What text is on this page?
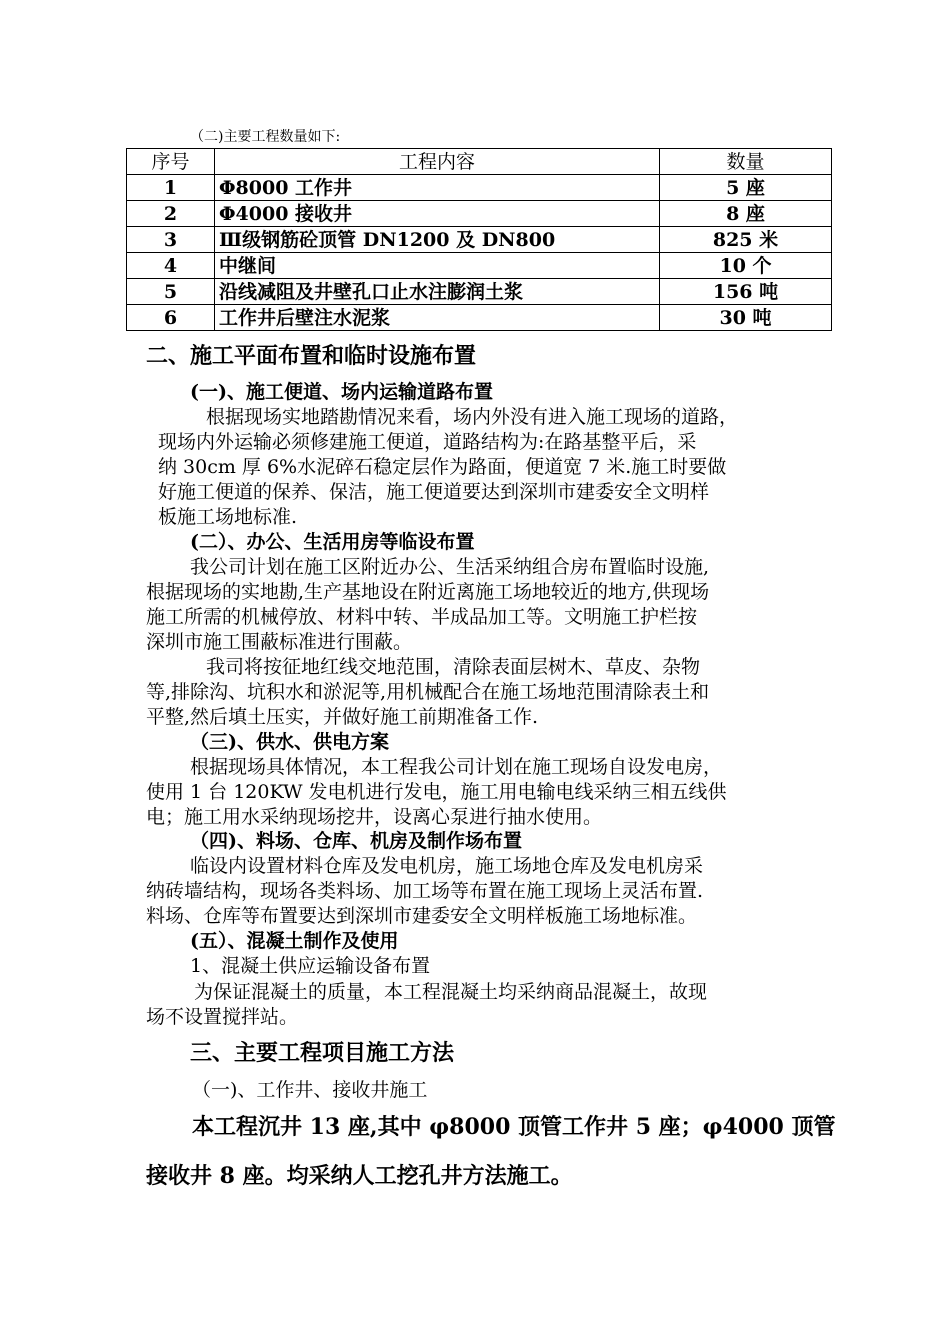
（二)主要工程数量如下:
序号	工程内容	数量
1	Φ8000 工作井	5 座
2	Φ4000 接收井	8 座
3	Ⅲ级钢筋砼顶管 DN1200 及 DN800	825 米
4	中继间	10 个
5	沿线减阻及井壁孔口止水注膨润土浆	156 吨
6	工作井后壁注水泥浆	30 吨
二、施工平面布置和临时设施布置
(一)、施工便道、场内运输道路布置
根据现场实地踏勘情况来看，场内外没有进入施工现场的道路，
现场内外运输必须修建施工便道，道路结构为:在路基整平后，采
纳 30cm 厚 6%水泥碎石稳定层作为路面，便道宽 7 米.施工时要做
好施工便道的保养、保洁，施工便道要达到深圳市建委安全文明样
板施工场地标准.
(二）、办公、生活用房等临设布置
我公司计划在施工区附近办公、生活采纳组合房布置临时设施,
根据现场的实地勘,生产基地设在附近离施工场地较近的地方,供现场
施工所需的机械停放、材料中转、半成品加工等。文明施工护栏按
深圳市施工围蔽标准进行围蔽。
我司将按征地红线交地范围，清除表面层树木、草皮、杂物
等,排除沟、坑积水和淤泥等,用机械配合在施工场地范围清除表土和
平整,然后填土压实，并做好施工前期准备工作.
（三)、供水、供电方案
根据现场具体情况，本工程我公司计划在施工现场自设发电房，
使用 1 台 120KW 发电机进行发电，施工用电输电线采纳三相五线供
电；施工用水采纳现场挖井，设离心泵进行抽水使用。
（四)、料场、仓库、机房及制作场布置
临设内设置材料仓库及发电机房，施工场地仓库及发电机房采
纳砖墙结构，现场各类料场、加工场等布置在施工现场上灵活布置.
料场、仓库等布置要达到深圳市建委安全文明样板施工场地标准。
(五）、混凝土制作及使用
1、混凝土供应运输设备布置
为保证混凝土的质量，本工程混凝土均采纳商品混凝土，故现
场不设置搅拌站。
三、主要工程项目施工方法
（一)、工作井、接收井施工
本工程沉井 13 座,其中 φ8000 顶管工作井 5 座；φ4000 顶管
接收井 8 座。均采纳人工挖孔井方法施工。
